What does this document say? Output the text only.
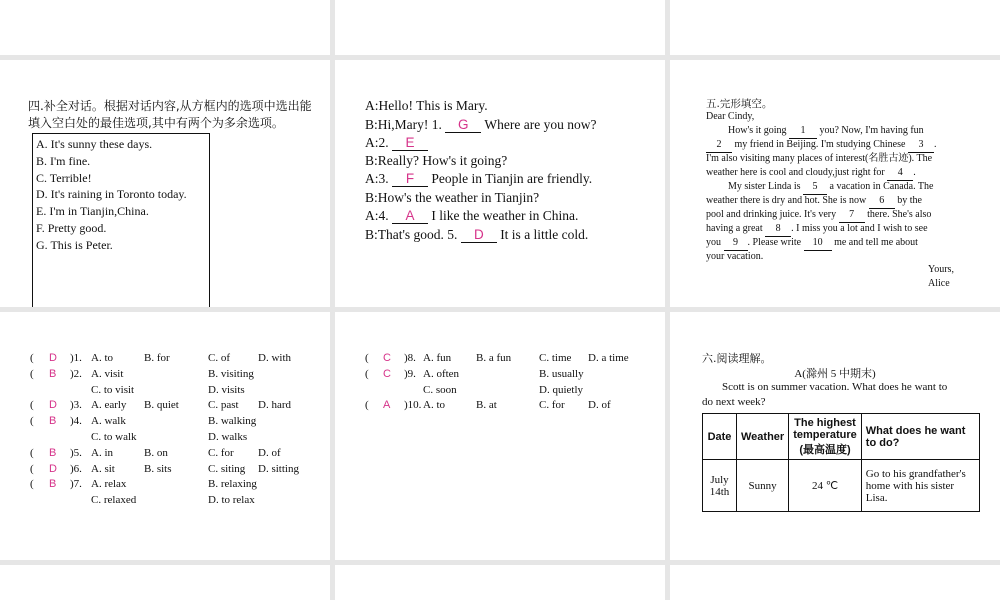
四.补全对话。根据对话内容,从方框内的选项中选出能填入空白处的最佳选项,其中有两个为多余选项。
A. It's sunny these days.
B. I'm fine.
C. Terrible!
D. It's raining in Toronto today.
E. I'm in Tianjin,China.
F. Pretty good.
G. This is Peter.
A:Hello! This is Mary.
B:Hi,Mary! 1. G Where are you now?
A:2. E
B:Really? How's it going?
A:3. F People in Tianjin are friendly.
B:How's the weather in Tianjin?
A:4. A I like the weather in China.
B:That's good. 5. D It is a little cold.
五.完形填空。
Dear Cindy,
How's it going 1 you? Now, I'm having fun
2 my friend in Beijing. I'm studying Chinese 3 .
I'm also visiting many places of interest(名胜古迹). The
weather here is cool and cloudy,just right for 4 .
My sister Linda is 5 a vacation in Canada. The
weather there is dry and hot. She is now 6 by the
pool and drinking juice. It's very 7 there. She's also
having a great 8 . I miss you a lot and I wish to see
you 9 . Please write 10 me and tell me about
your vacation.
Yours,
Alice
( D )1. A. to	B. for	C. of	D. with
( B )2. A. visit	B. visiting
C. to visit	D. visits
( D )3. A. early B. quiet	C. past D. hard
( B )4. A. walk	B. walking
C. to walk	D. walks
( B )5. A. in	B. on	C. for D. of
( D )6. A. sit	B. sits	C. siting D. sitting
( B )7. A. relax	B. relaxing
C. relaxed	D. to relax
( C )8. A. fun B. a fun	C. time D. a time
( C )9. A. often	B. usually
C. soon	D. quietly
( A )10. A. to	B. at	C. for D. of
六.阅读理解。
A(滁州 5 中期末)
Scott is on summer vacation. What does he want to
do next week?
Date	Weather	The highest temperature (最高温度)	What does he want to do?
July 14th	Sunny	24 ℃	Go to his grandfather's home with his sister Lisa.
